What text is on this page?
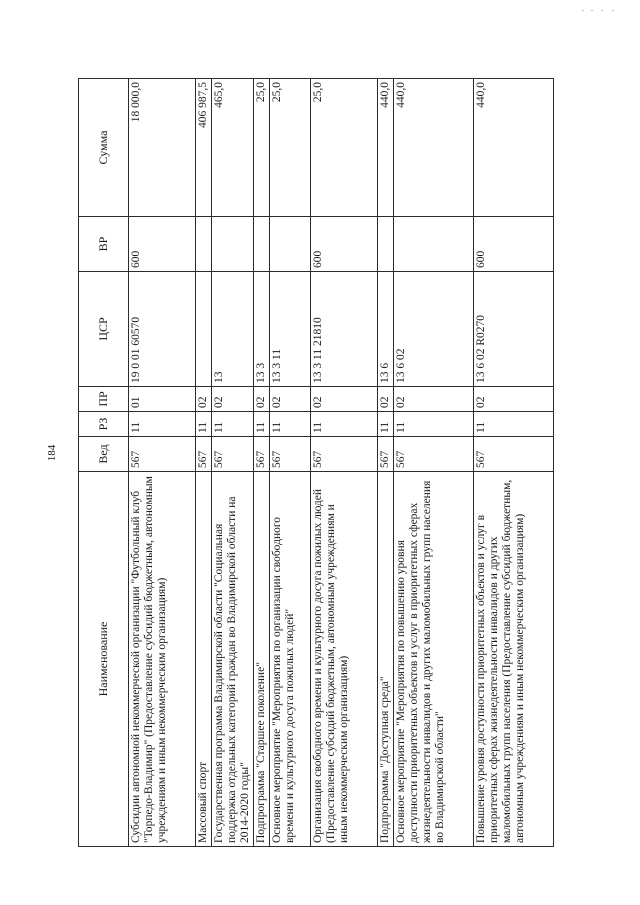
184
Наименование	Вед	РЗ	ПР	ЦСР	ВР	Сумма
Субсидии автономной некоммерческой организации "Футбольный клуб "Торпедо-Владимир" (Предоставление субсидий бюджетным, автономным учреждениям и иным некоммерческим организациям)	567	11	01	19 0 01 60570	600	18 000,0
Массовый спорт	567	11	02			406 987,5
Государственная программа Владимирской области "Социальная поддержка отдельных категорий граждан во Владимирской области на 2014-2020 годы"	567	11	02	13		465,0
Подпрограмма "Старшее поколение"	567	11	02	13 3		25,0
Основное мероприятие "Мероприятия по организации свободного времени и культурного досуга пожилых людей"	567	11	02	13 3 11		25,0
Организация свободного времени и культурного досуга пожилых людей (Предоставление субсидий бюджетным, автономным учреждениям и иным некоммерческим организациям)	567	11	02	13 3 11 21810	600	25,0
Подпрограмма "Доступная среда"	567	11	02	13 6		440,0
Основное мероприятие "Мероприятия по повышению уровня доступности приоритетных объектов и услуг в приоритетных сферах жизнедеятельности инвалидов и других маломобильных групп населения во Владимирской области"	567	11	02	13 6 02		440,0
Повышение уровня доступности приоритетных объектов и услуг в приоритетных сферах жизнедеятельности инвалидов и других маломобильных групп населения (Предоставление субсидий бюджетным, автономным учреждениям и иным некоммерческим организациям)	567	11	02	13 6 02 R0270	600	440,0
